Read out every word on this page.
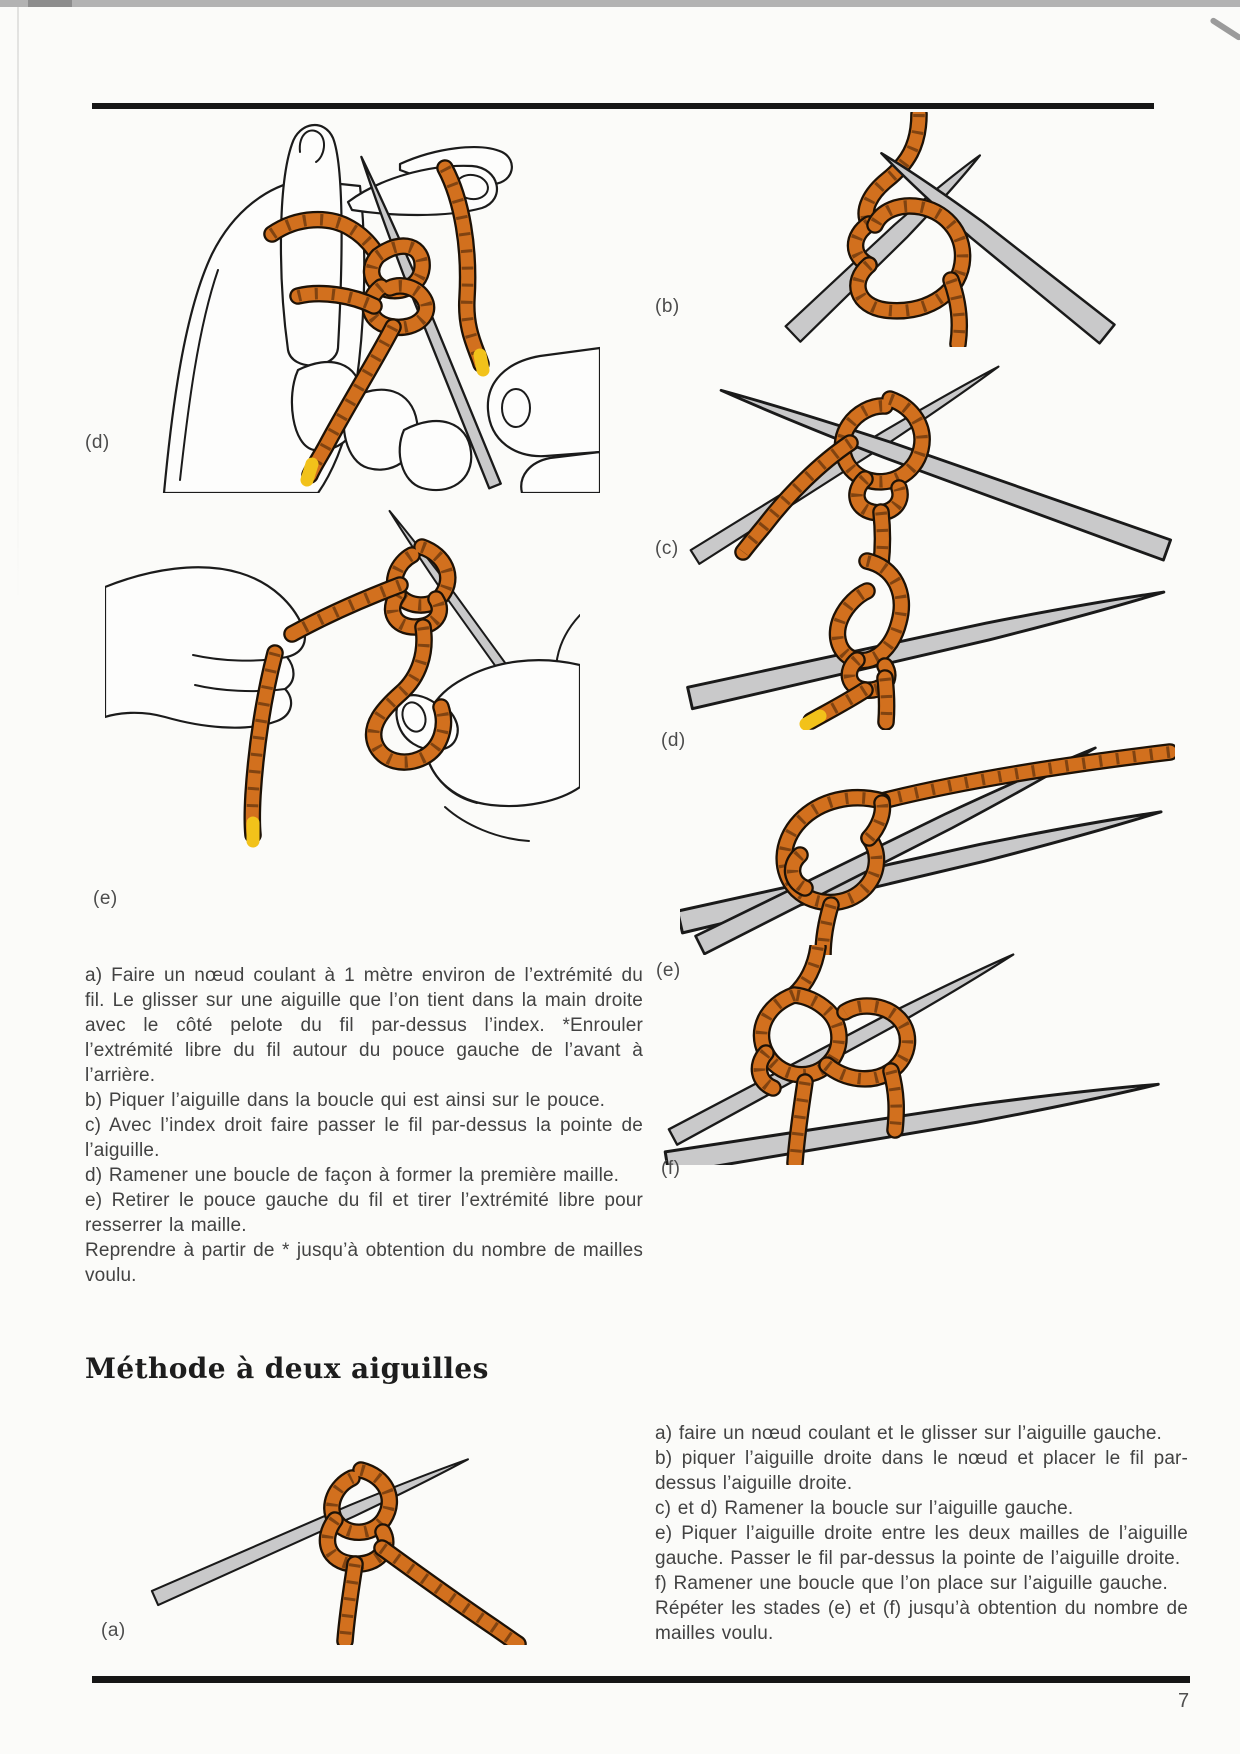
(d)
(e)

a) Faire un nœud coulant à 1 mètre environ de l’extrémité du fil. Le glisser sur une aiguille que l’on tient dans la main droite avec le côté pelote du fil par-dessus l’index. *Enrouler l’extrémité libre du fil autour du pouce gauche de l’avant à l’arrière.

b) Piquer l’aiguille dans la boucle qui est ainsi sur le pouce.

c) Avec l’index droit faire passer le fil par-dessus la pointe de l’aiguille.

d) Ramener une boucle de façon à former la première maille.

e) Retirer le pouce gauche du fil et tirer l’extrémité libre pour resserrer la maille.

Reprendre à partir de * jusqu’à obtention du nombre de mailles voulu.

Méthode à deux aiguilles
(a)
(b)
(c)
(d)
(e)
(f)

a) faire un nœud coulant et le glisser sur l’aiguille gauche.

b) piquer l’aiguille droite dans le nœud et placer le fil par-dessus l’aiguille droite.

c) et d) Ramener la boucle sur l’aiguille gauche.

e) Piquer l’aiguille droite entre les deux mailles de l’aiguille gauche. Passer le fil par-dessus la pointe de l’aiguille droite.

f) Ramener une boucle que l’on place sur l’aiguille gauche.

Répéter les stades (e) et (f) jusqu’à obtention du nombre de mailles voulu.

7
